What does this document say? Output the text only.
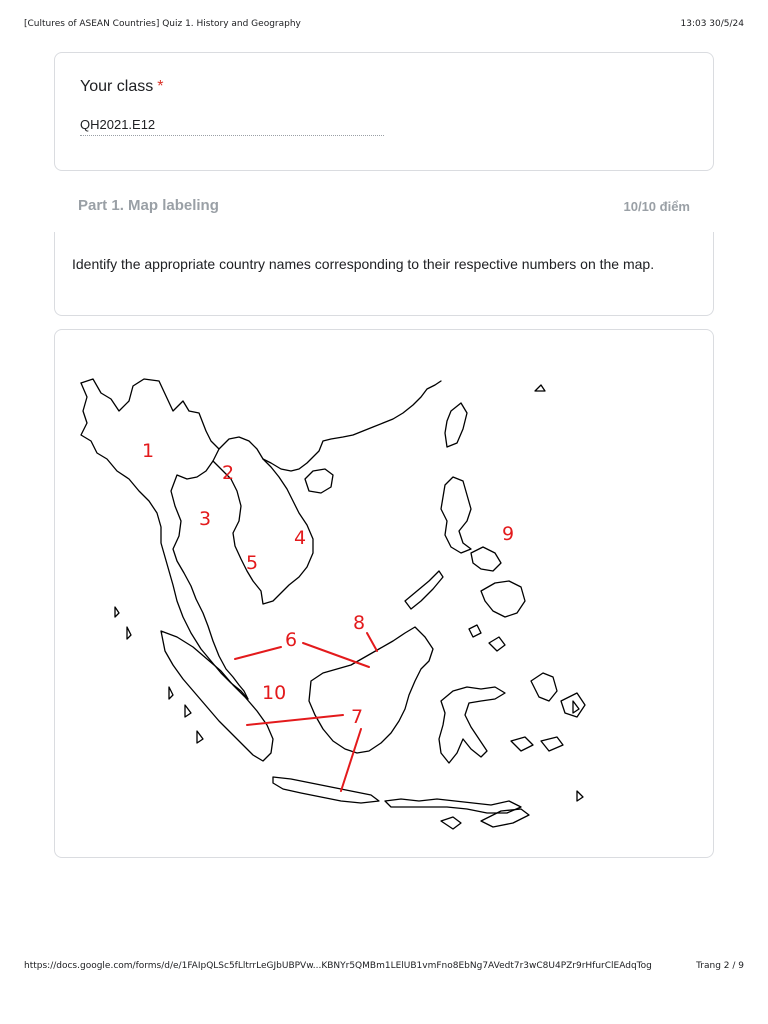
[Cultures of ASEAN Countries] Quiz 1. History and Geography	13:03 30/5/24
Your class *
QH2021.E12
Part 1. Map labeling	10/10 điểm
Identify the appropriate country names corresponding to their respective numbers on the map.
1
2
3
4
5
6
7
8
9
10
https://docs.google.com/forms/d/e/1FAIpQLSc5fLltrrLeGJbUBPVw...KBNYr5QMBm1LElUB1vmFno8EbNg7AVedt7r3wC8U4PZr9rHfurClEAdqTog	Trang 2 / 9
